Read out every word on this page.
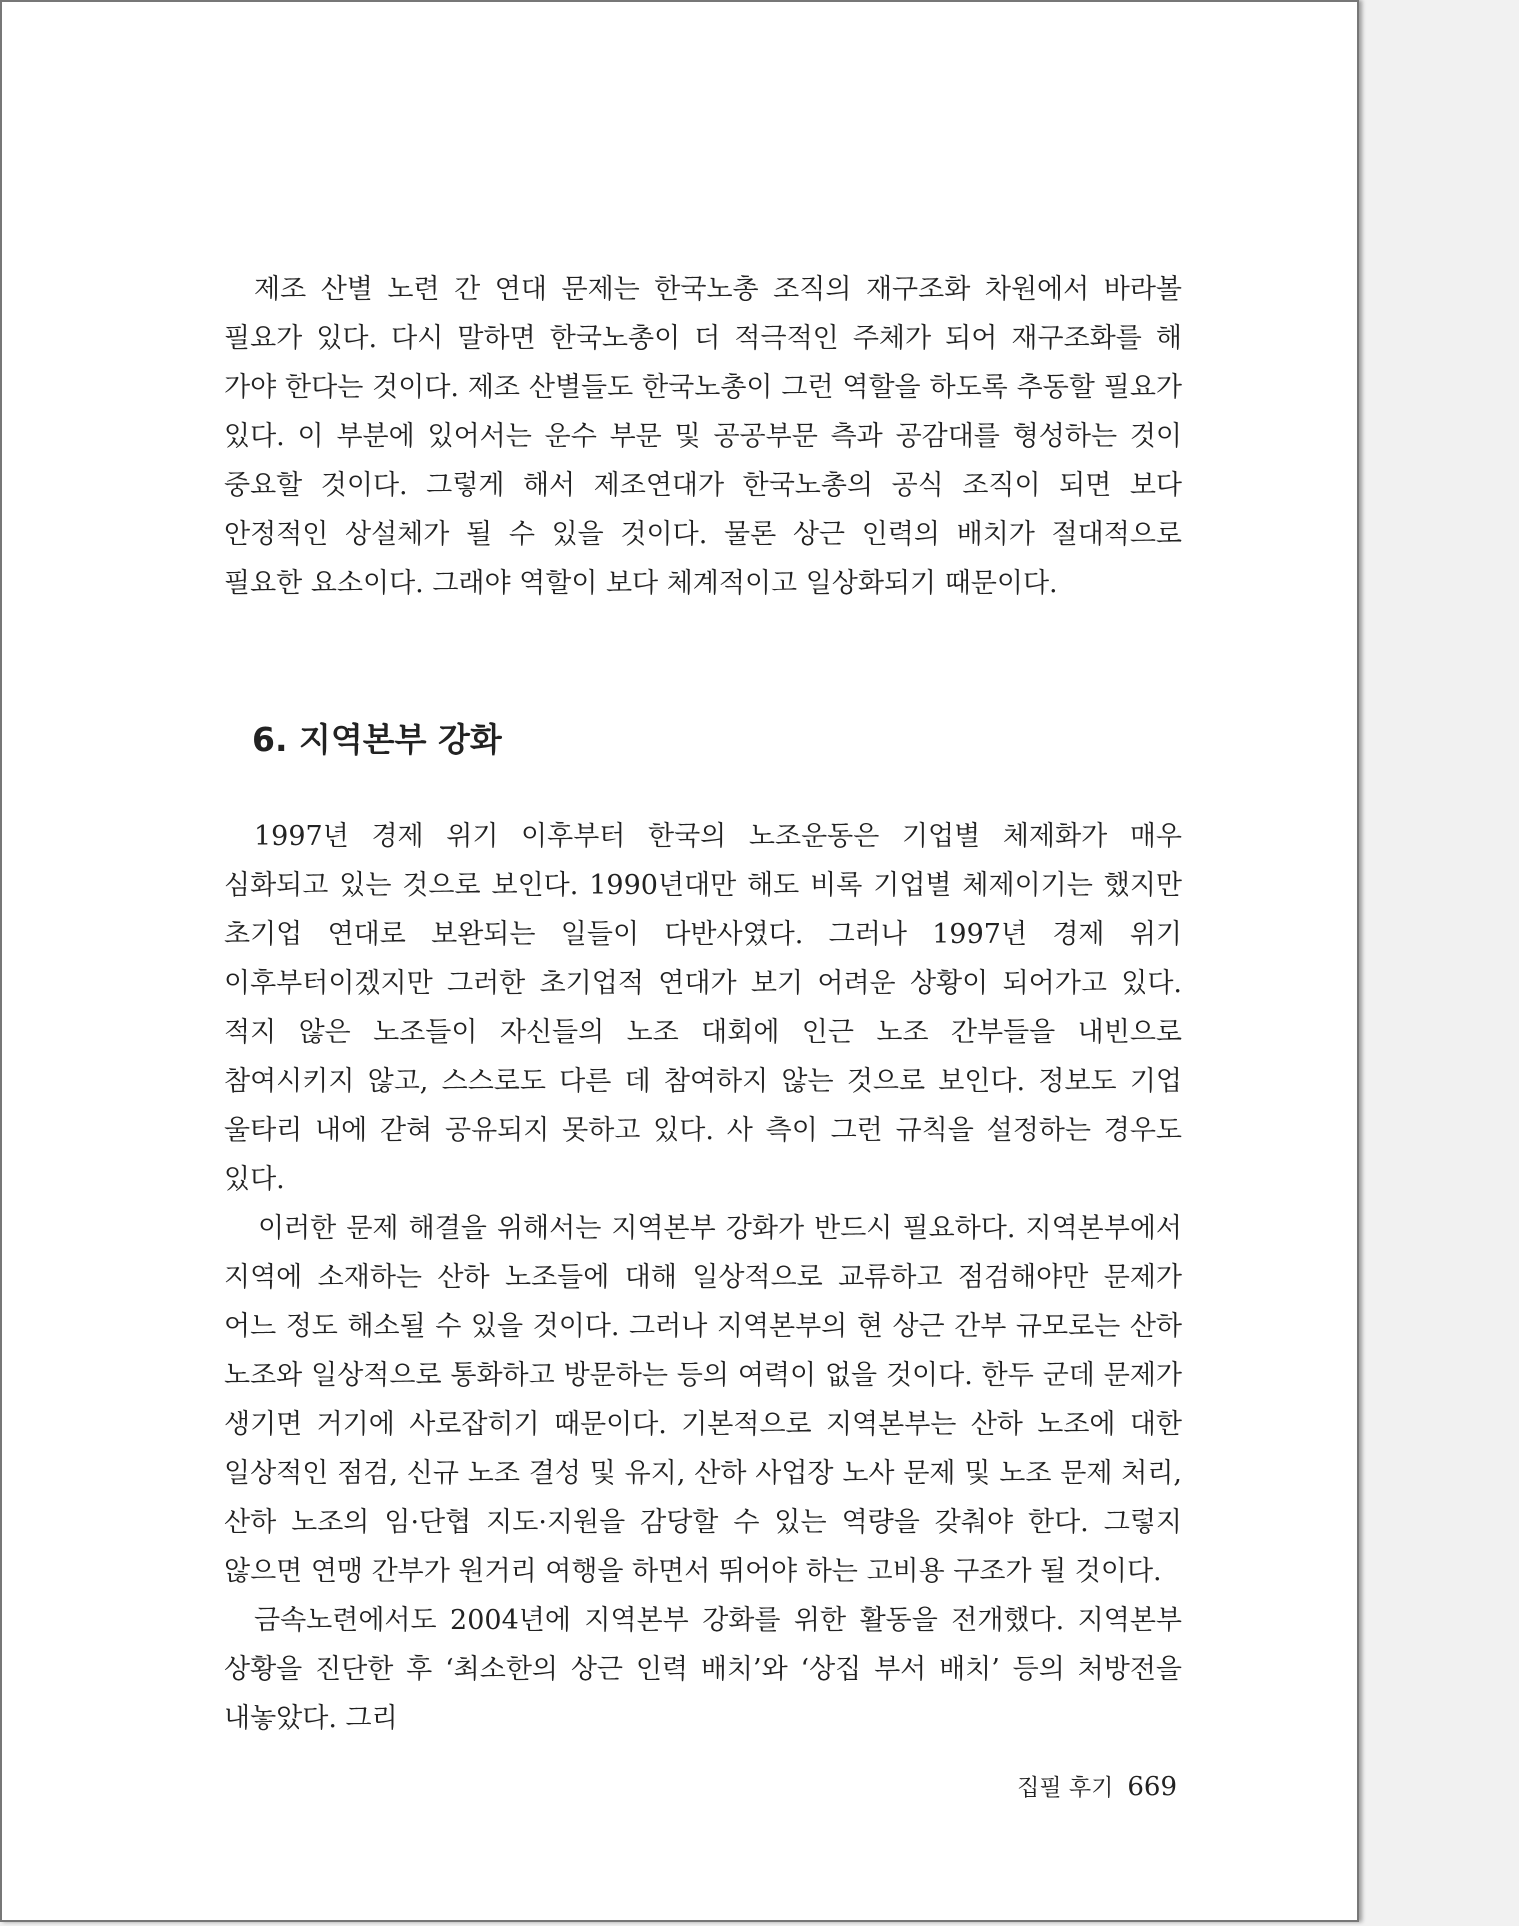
제조 산별 노련 간 연대 문제는 한국노총 조직의 재구조화 차원에서 바라볼 필요가 있다. 다시 말하면 한국노총이 더 적극적인 주체가 되어 재구조화를 해 가야 한다는 것이다. 제조 산별들도 한국노총이 그런 역할을 하도록 추동할 필요가 있다. 이 부분에 있어서는 운수 부문 및 공공부문 측과 공감대를 형성하는 것이 중요할 것이다. 그렇게 해서 제조연대가 한국노총의 공식 조직이 되면 보다 안정적인 상설체가 될 수 있을 것이다. 물론 상근 인력의 배치가 절대적으로 필요한 요소이다. 그래야 역할이 보다 체계적이고 일상화되기 때문이다.

6. 지역본부 강화

1997년 경제 위기 이후부터 한국의 노조운동은 기업별 체제화가 매우 심화되고 있는 것으로 보인다. 1990년대만 해도 비록 기업별 체제이기는 했지만 초기업 연대로 보완되는 일들이 다반사였다. 그러나 1997년 경제 위기 이후부터이겠지만 그러한 초기업적 연대가 보기 어려운 상황이 되어가고 있다. 적지 않은 노조들이 자신들의 노조 대회에 인근 노조 간부들을 내빈으로 참여시키지 않고, 스스로도 다른 데 참여하지 않는 것으로 보인다. 정보도 기업 울타리 내에 갇혀 공유되지 못하고 있다. 사 측이 그런 규칙을 설정하는 경우도 있다.

이러한 문제 해결을 위해서는 지역본부 강화가 반드시 필요하다. 지역본부에서 지역에 소재하는 산하 노조들에 대해 일상적으로 교류하고 점검해야만 문제가 어느 정도 해소될 수 있을 것이다. 그러나 지역본부의 현 상근 간부 규모로는 산하 노조와 일상적으로 통화하고 방문하는 등의 여력이 없을 것이다. 한두 군데 문제가 생기면 거기에 사로잡히기 때문이다. 기본적으로 지역본부는 산하 노조에 대한 일상적인 점검, 신규 노조 결성 및 유지, 산하 사업장 노사 문제 및 노조 문제 처리, 산하 노조의 임·단협 지도·지원을 감당할 수 있는 역량을 갖춰야 한다. 그렇지 않으면 연맹 간부가 원거리 여행을 하면서 뛰어야 하는 고비용 구조가 될 것이다.

금속노련에서도 2004년에 지역본부 강화를 위한 활동을 전개했다. 지역본부 상황을 진단한 후 ‘최소한의 상근 인력 배치’와 ‘상집 부서 배치’ 등의 처방전을 내놓았다. 그리

집필 후기 669
